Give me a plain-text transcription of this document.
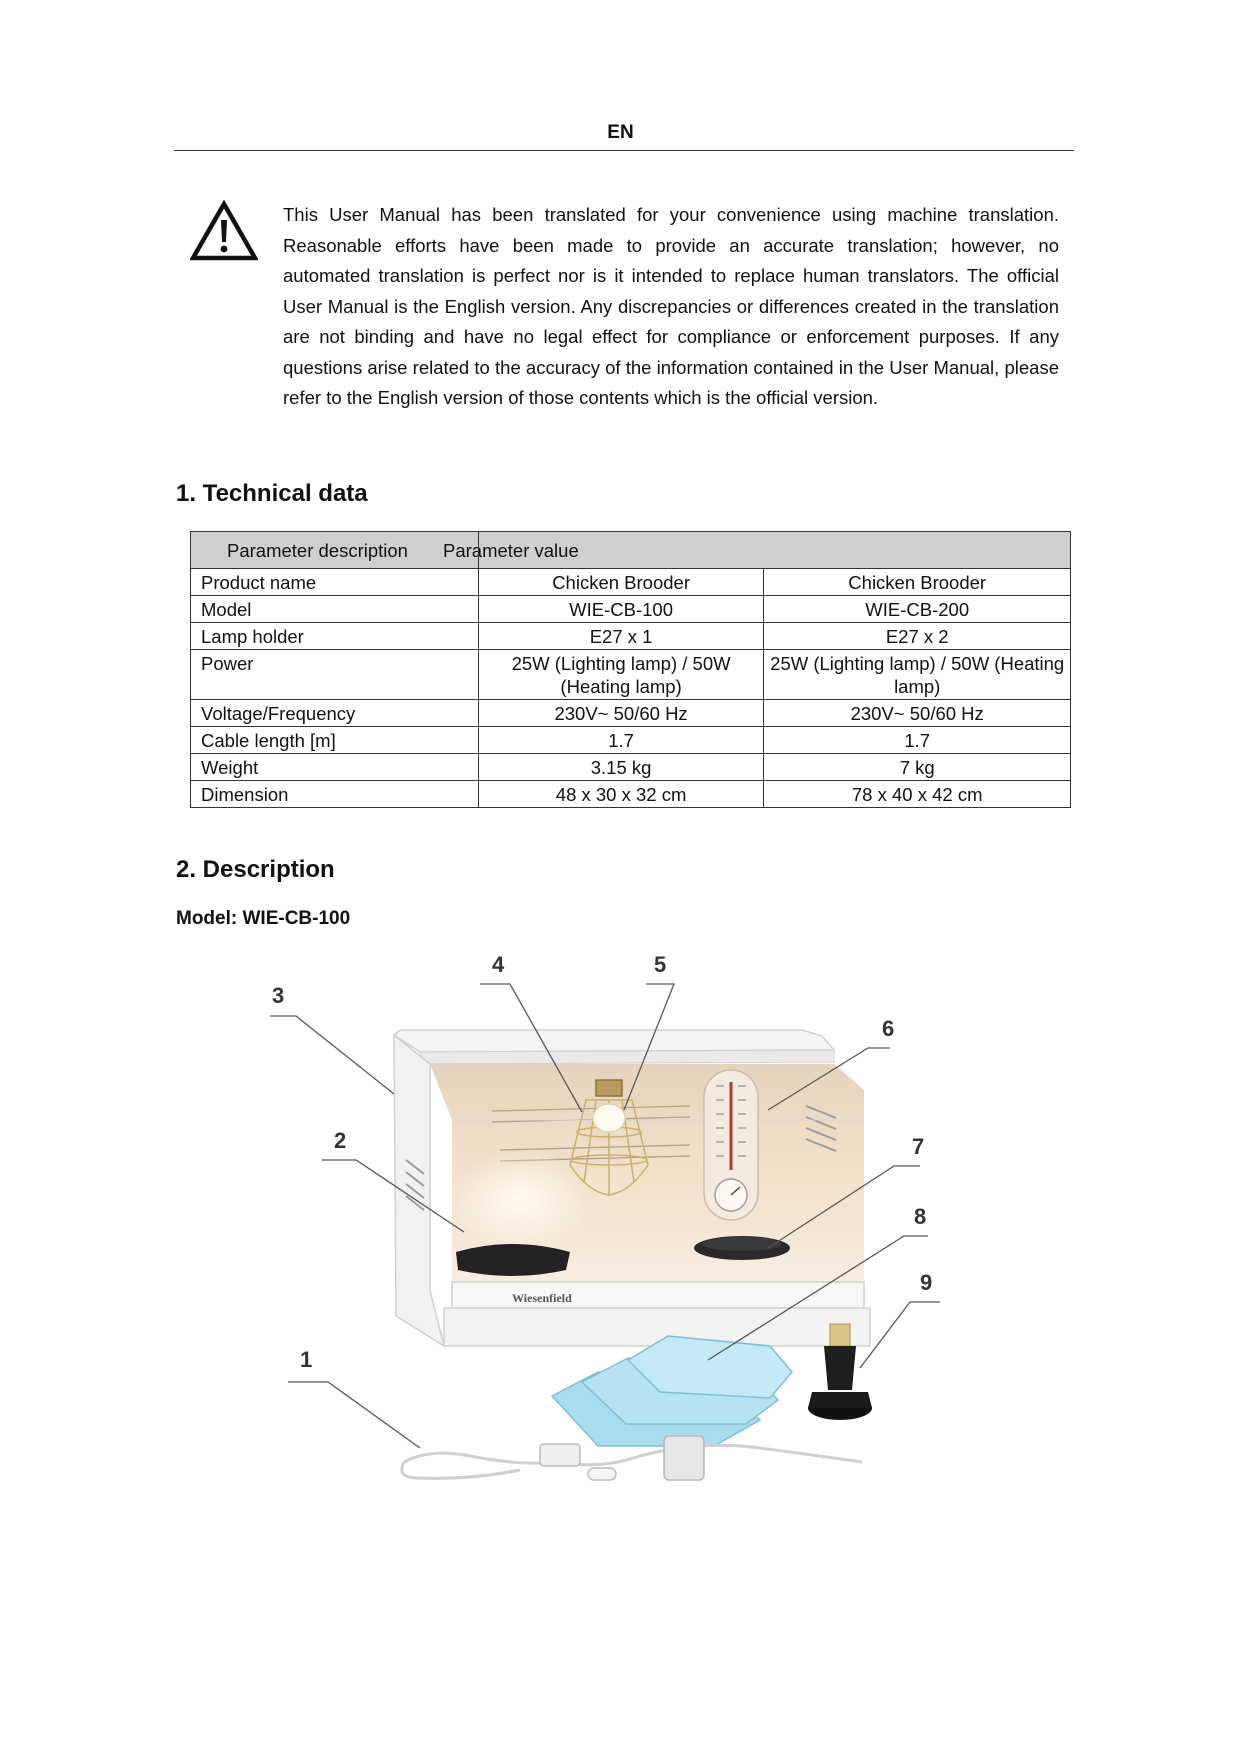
EN
This User Manual has been translated for your convenience using machine translation. Reasonable efforts have been made to provide an accurate translation; however, no automated translation is perfect nor is it intended to replace human translators. The official User Manual is the English version. Any discrepancies or differences created in the translation are not binding and have no legal effect for compliance or enforcement purposes. If any questions arise related to the accuracy of the information contained in the User Manual, please refer to the English version of those contents which is the official version.
1. Technical data
Parameter description Parameter value		

Product name	Chicken Brooder	Chicken Brooder
Model	WIE-CB-100	WIE-CB-200
Lamp holder	E27 x 1	E27 x 2
Power	25W (Lighting lamp) / 50W (Heating lamp)	25W (Lighting lamp) / 50W (Heating lamp)
Voltage/Frequency	230V~ 50/60 Hz	230V~ 50/60 Hz
Cable length [m]	1.7	1.7
Weight	3.15 kg	7 kg
Dimension	48 x 30 x 32 cm	78 x 40 x 42 cm
2. Description
Model: WIE-CB-100
Wiesenfield
1
2
3
4	5
6
7
8
9
